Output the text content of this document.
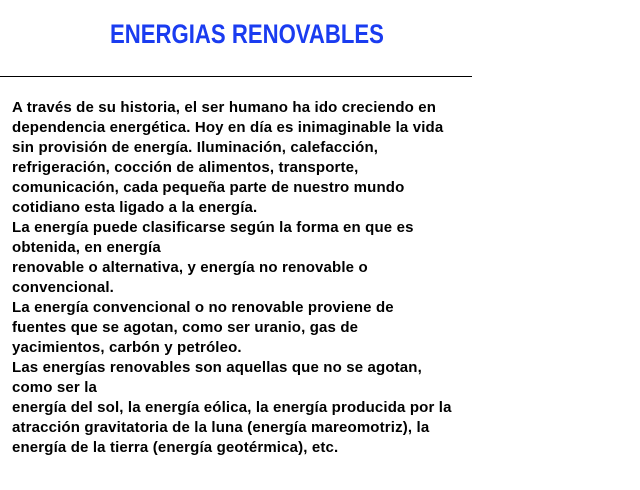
ENERGIAS RENOVABLES
A través de su historia, el ser humano ha ido creciendo en
dependencia energética. Hoy en día es inimaginable la vida
sin provisión de energía. Iluminación, calefacción,
refrigeración, cocción de alimentos, transporte,
comunicación, cada pequeña parte de nuestro mundo
cotidiano esta ligado a la energía.
La energía puede clasificarse según la forma en que es
obtenida, en energía
renovable o alternativa, y energía no renovable o
convencional.
La energía convencional o no renovable proviene de
fuentes que se agotan, como ser uranio, gas de
yacimientos, carbón y petróleo.
Las energías renovables son aquellas que no se agotan,
como ser la
energía del sol, la energía eólica, la energía producida por la
atracción gravitatoria de la luna (energía mareomotriz), la
energía de la tierra (energía geotérmica), etc.
